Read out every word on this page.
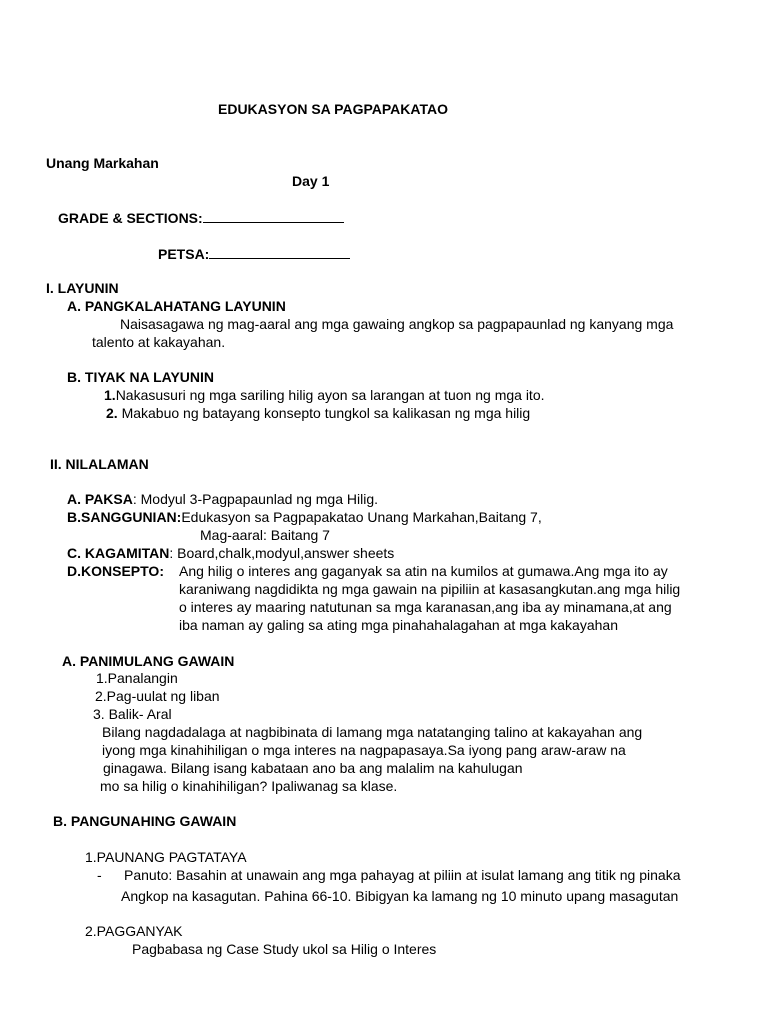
EDUKASYON SA PAGPAPAKATAO
Unang Markahan
Day 1
GRADE & SECTIONS:
PETSA:
I. LAYUNIN
A. PANGKALAHATANG LAYUNIN
Naisasagawa ng mag-aaral ang mga gawaing angkop sa pagpapaunlad ng kanyang mga
talento at kakayahan.
B. TIYAK NA LAYUNIN
1.Nakasusuri ng mga sariling hilig ayon sa larangan at tuon ng mga ito.
2. Makabuo ng batayang konsepto tungkol sa kalikasan ng mga hilig
II. NILALAMAN
A. PAKSA: Modyul 3-Pagpapaunlad ng mga Hilig.
B.SANGGUNIAN:Edukasyon sa Pagpapakatao Unang Markahan,Baitang 7,
Mag-aaral: Baitang 7
C. KAGAMITAN: Board,chalk,modyul,answer sheets
D.KONSEPTO: Ang hilig o interes ang gaganyak sa atin na kumilos at gumawa.Ang mga ito ay
karaniwang nagdidikta ng mga gawain na pipiliin at kasasangkutan.ang mga hilig
o interes ay maaring natutunan sa mga karanasan,ang iba ay minamana,at ang
iba naman ay galing sa ating mga pinahahalagahan at mga kakayahan
A. PANIMULANG GAWAIN
1.Panalangin
2.Pag-uulat ng liban
3. Balik- Aral
Bilang nagdadalaga at nagbibinata di lamang mga natatanging talino at kakayahan ang
iyong mga kinahihiligan o mga interes na nagpapasaya.Sa iyong pang araw-araw na
ginagawa. Bilang isang kabataan ano ba ang malalim na kahulugan
mo sa hilig o kinahihiligan? Ipaliwanag sa klase.
B. PANGUNAHING GAWAIN
1.PAUNANG PAGTATAYA
- Panuto: Basahin at unawain ang mga pahayag at piliin at isulat lamang ang titik ng pinaka
Angkop na kasagutan. Pahina 66-10. Bibigyan ka lamang ng 10 minuto upang masagutan
2.PAGGANYAK
Pagbabasa ng Case Study ukol sa Hilig o Interes
